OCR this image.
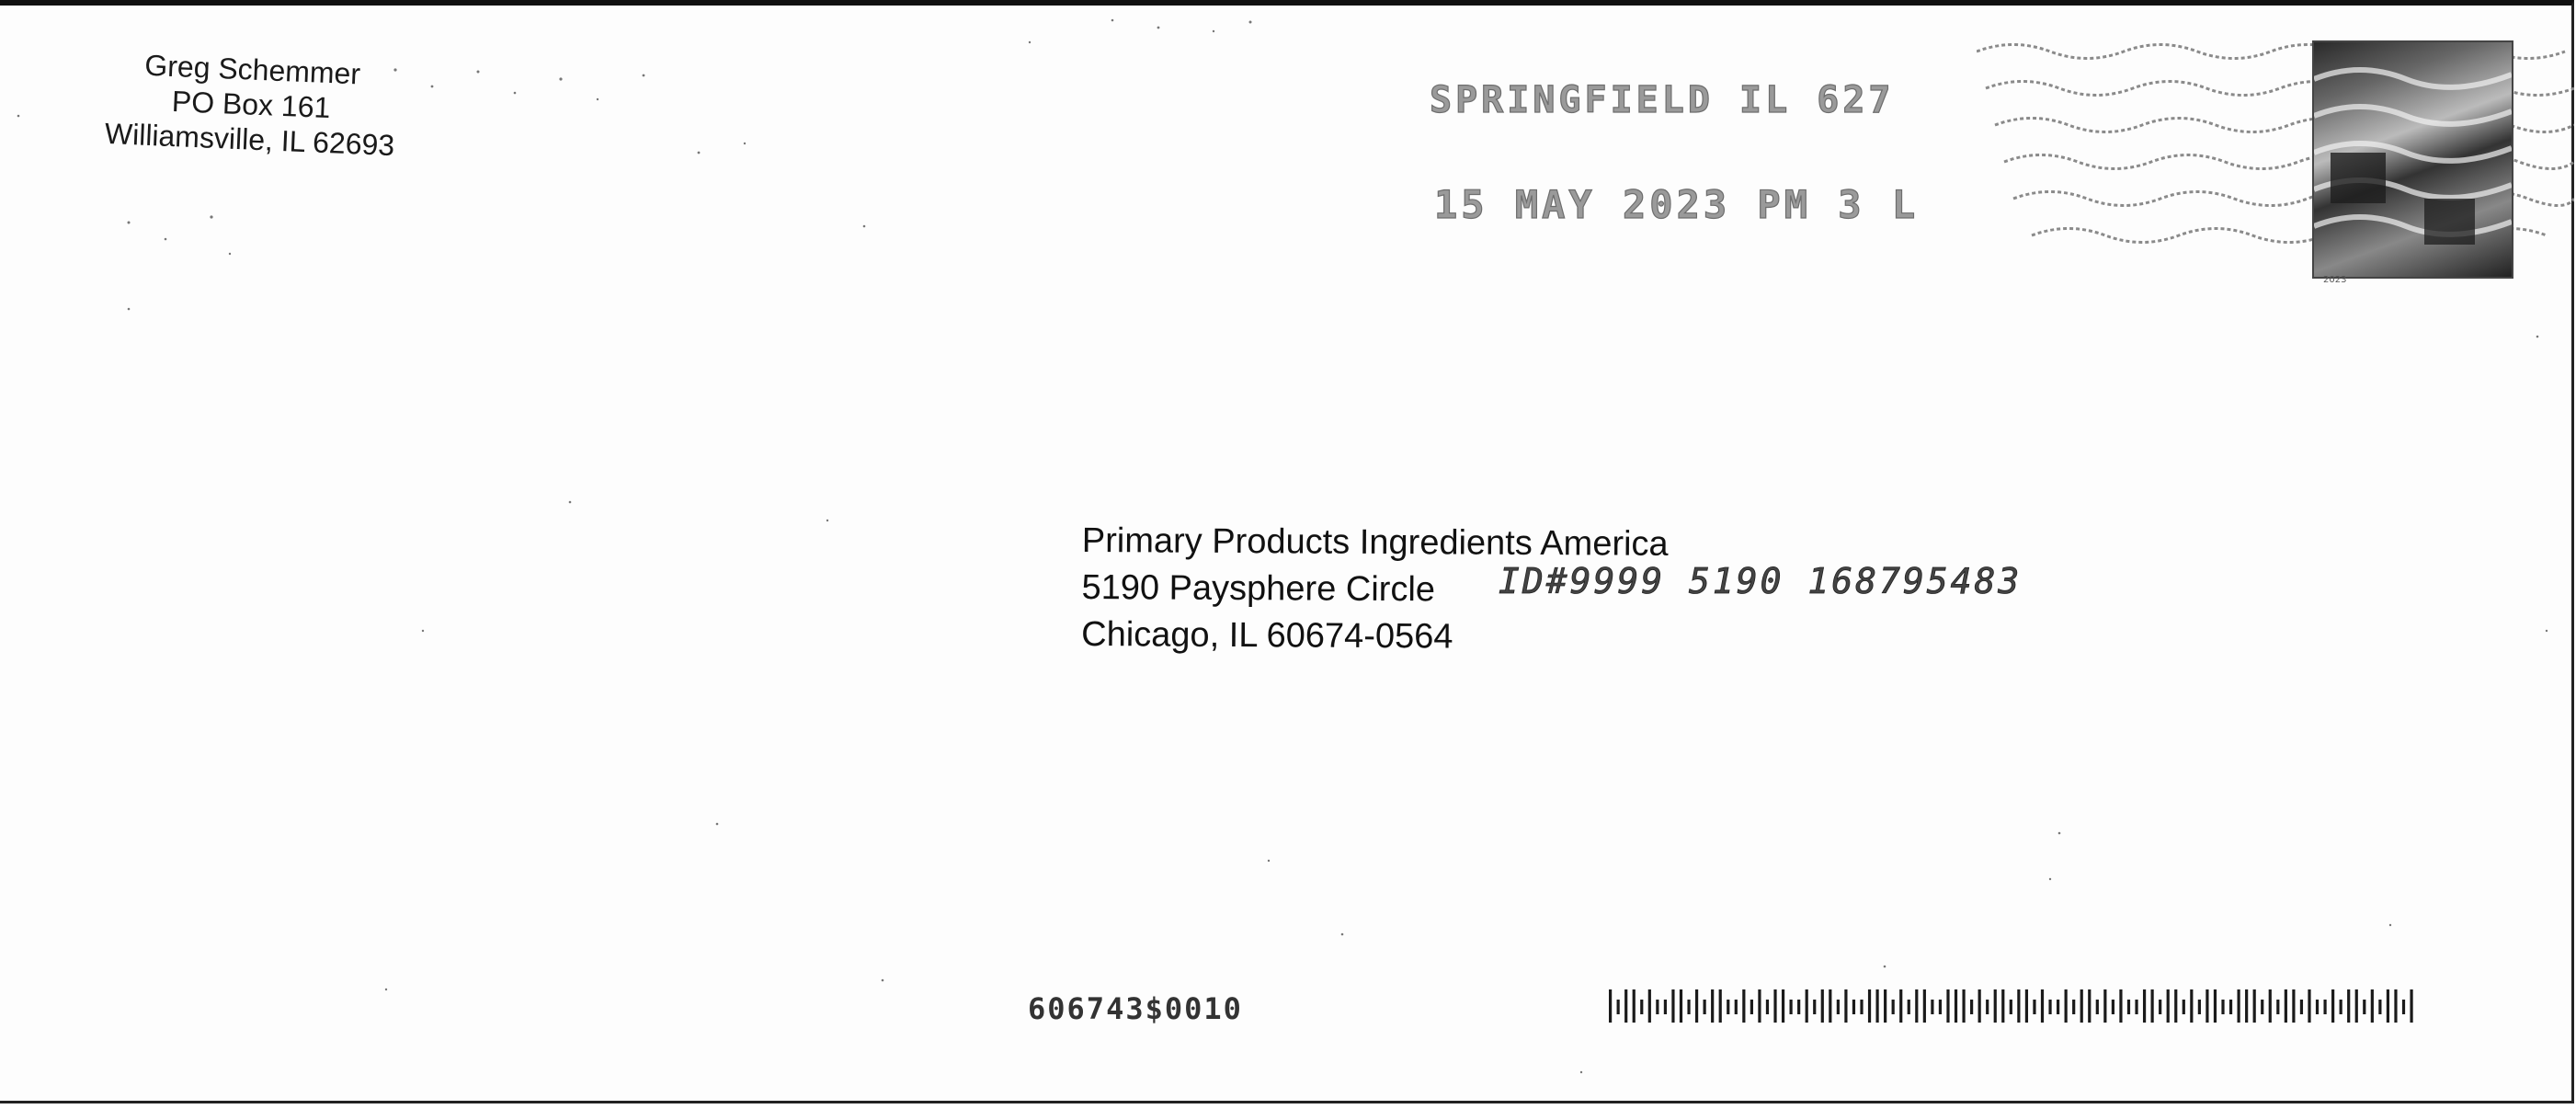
Greg Schemmer
PO Box 161
Williamsville, IL 62693
SPRINGFIELD IL 627
15 MAY 2023 PM 3 L
2023
Primary Products Ingredients America
5190 Paysphere Circle
Chicago, IL 60674-0564
ID#9999 5190 168795483
606743$0010
